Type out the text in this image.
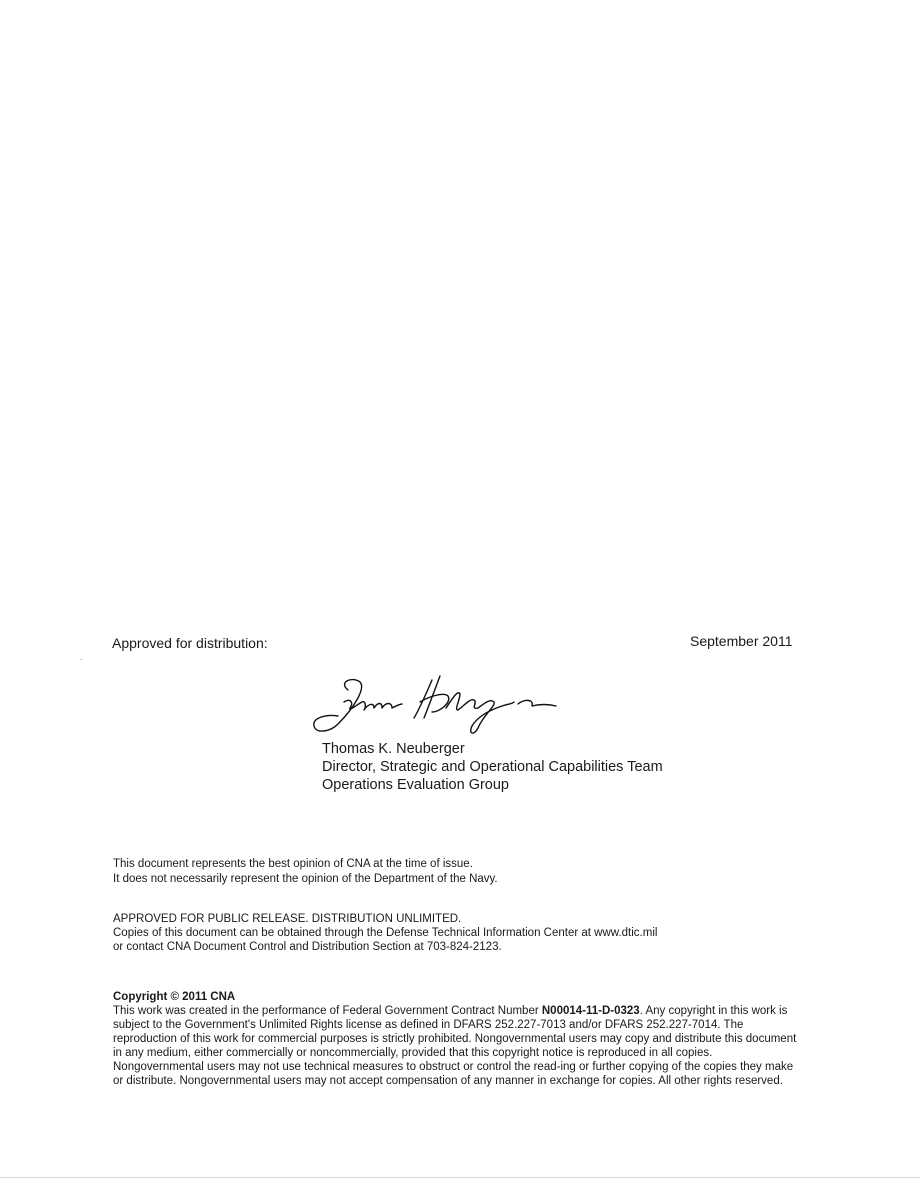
Approved for distribution:	September 2011
Thomas K. Neuberger
Director, Strategic and Operational Capabilities Team
Operations Evaluation Group
This document represents the best opinion of CNA at the time of issue.
It does not necessarily represent the opinion of the Department of the Navy.
APPROVED FOR PUBLIC RELEASE. DISTRIBUTION UNLIMITED.
Copies of this document can be obtained through the Defense Technical Information Center at www.dtic.mil
or contact CNA Document Control and Distribution Section at 703-824-2123.
Copyright © 2011 CNA
This work was created in the performance of Federal Government Contract Number N00014-11-D-0323. Any copyright in this work is subject to the Government's Unlimited Rights license as defined in DFARS 252.227-7013 and/or DFARS 252.227-7014. The reproduction of this work for commercial purposes is strictly prohibited. Nongovernmental users may copy and distribute this document in any medium, either commercially or noncommercially, provided that this copyright notice is reproduced in all copies. Nongovernmental users may not use technical measures to obstruct or control the read-ing or further copying of the copies they make or distribute. Nongovernmental users may not accept compensation of any manner in exchange for copies. All other rights reserved.
